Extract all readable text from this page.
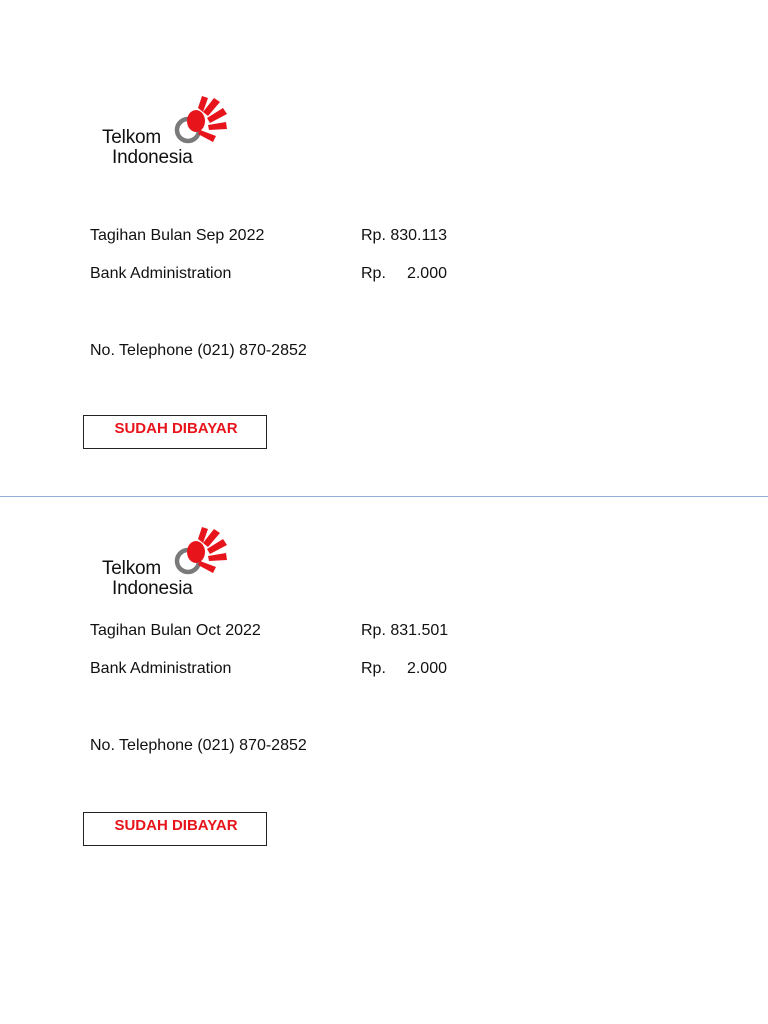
Telkom
Indonesia
Tagihan Bulan Sep 2022	Rp. 830.113
Bank Administration	Rp.	2.000
No. Telephone (021) 870-2852
SUDAH DIBAYAR
Telkom
Indonesia
Tagihan Bulan Oct 2022	Rp. 831.501
Bank Administration	Rp.	2.000
No. Telephone (021) 870-2852
SUDAH DIBAYAR
